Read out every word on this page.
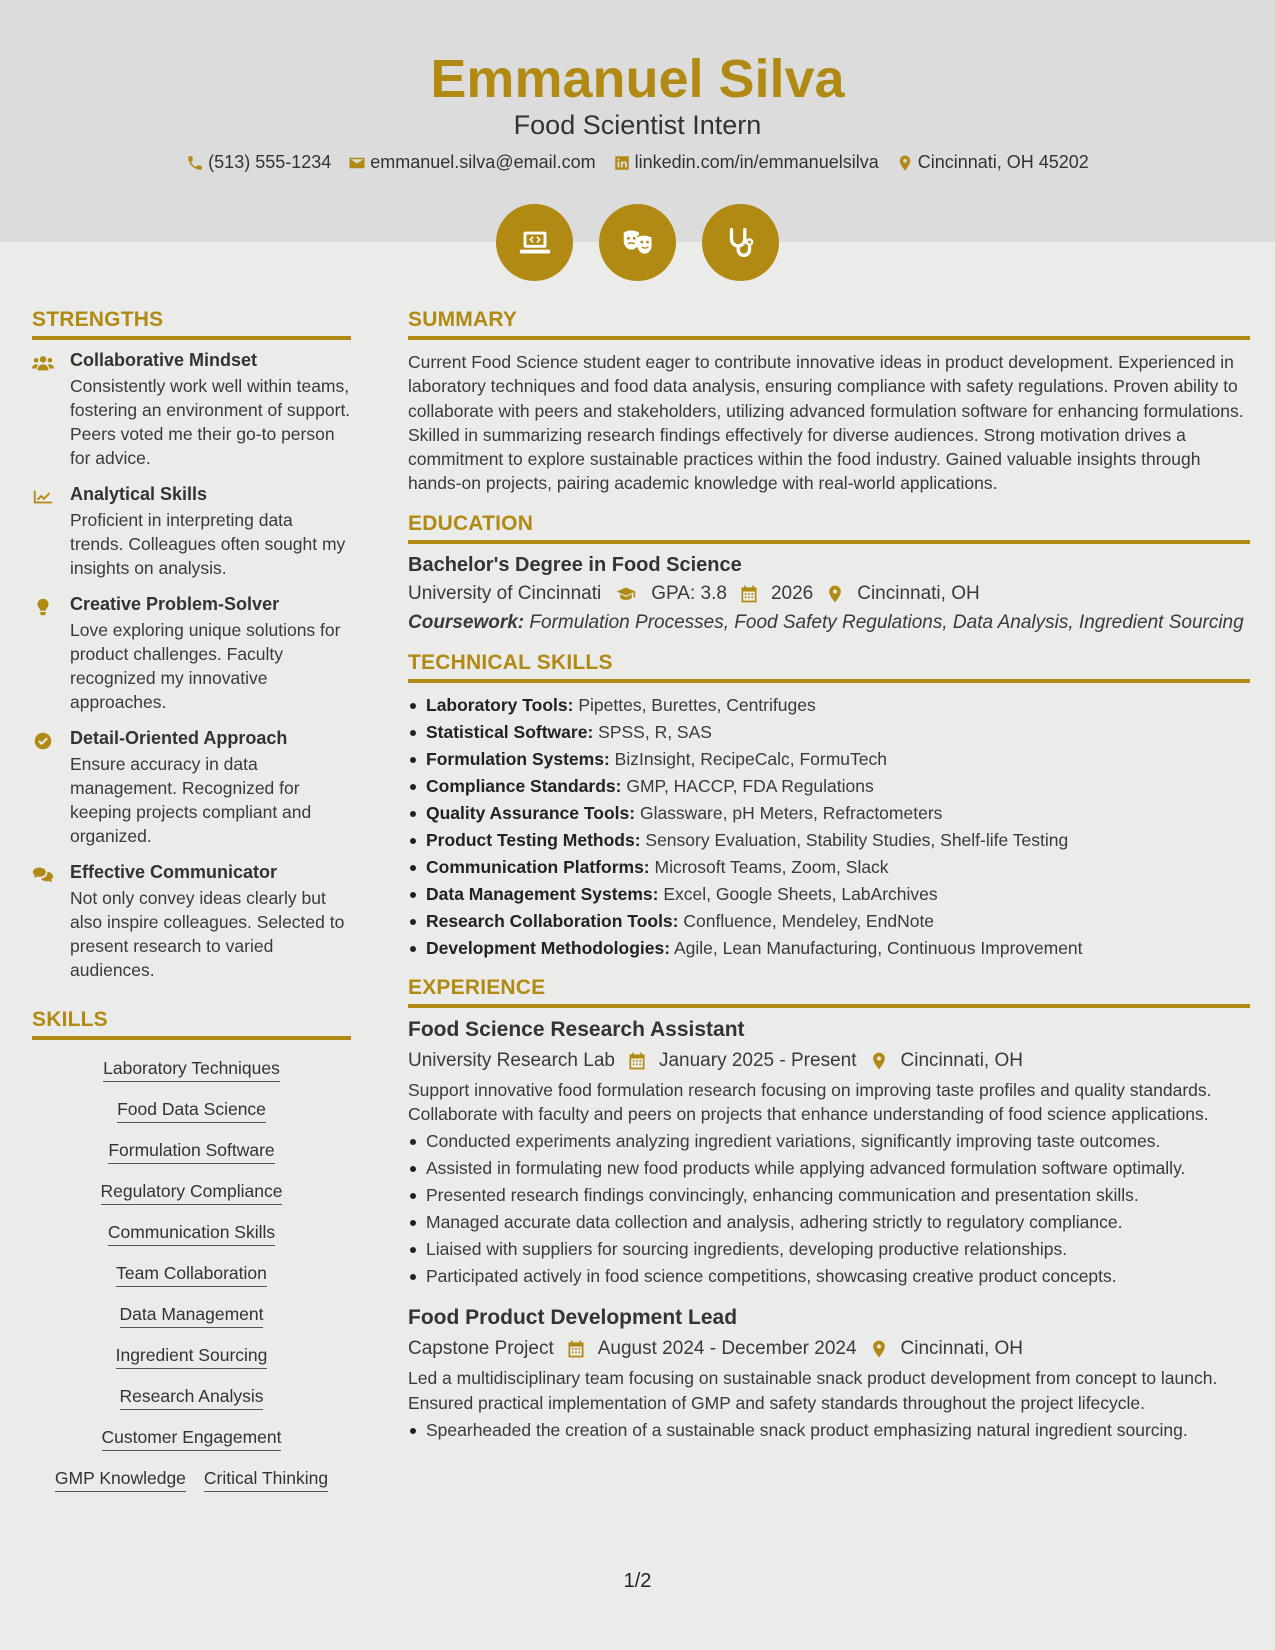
Emmanuel Silva
Food Scientist Intern
(513) 555-1234 emmanuel.silva@email.com linkedin.com/in/emmanuelsilva Cincinnati, OH 45202
STRENGTHS
Collaborative Mindset

Consistently work well within teams, fostering an environment of support. Peers voted me their go-to person for advice.

Analytical Skills

Proficient in interpreting data trends. Colleagues often sought my insights on analysis.

Creative Problem-Solver

Love exploring unique solutions for product challenges. Faculty recognized my innovative approaches.

Detail-Oriented Approach

Ensure accuracy in data management. Recognized for keeping projects compliant and organized.

Effective Communicator

Not only convey ideas clearly but also inspire colleagues. Selected to present research to varied audiences.

SKILLS
Laboratory Techniques
Food Data Science
Formulation Software
Regulatory Compliance
Communication Skills
Team Collaboration
Data Management
Ingredient Sourcing
Research Analysis
Customer Engagement
GMP Knowledge Critical Thinking
SUMMARY

Current Food Science student eager to contribute innovative ideas in product development. Experienced in laboratory techniques and food data analysis, ensuring compliance with safety regulations. Proven ability to collaborate with peers and stakeholders, utilizing advanced formulation software for enhancing formulations. Skilled in summarizing research findings effectively for diverse audiences. Strong motivation drives a commitment to explore sustainable practices within the food industry. Gained valuable insights through hands-on projects, pairing academic knowledge with real-world applications.

EDUCATION
Bachelor's Degree in Food Science
University of Cincinnati	GPA: 3.8 2026 Cincinnati, OH

Coursework: Formulation Processes, Food Safety Regulations, Data Analysis, Ingredient Sourcing

TECHNICAL SKILLS
Laboratory Tools: Pipettes, Burettes, Centrifuges
Statistical Software: SPSS, R, SAS
Formulation Systems: BizInsight, RecipeCalc, FormuTech
Compliance Standards: GMP, HACCP, FDA Regulations
Quality Assurance Tools: Glassware, pH Meters, Refractometers
Product Testing Methods: Sensory Evaluation, Stability Studies, Shelf-life Testing
Communication Platforms: Microsoft Teams, Zoom, Slack
Data Management Systems: Excel, Google Sheets, LabArchives
Research Collaboration Tools: Confluence, Mendeley, EndNote
Development Methodologies: Agile, Lean Manufacturing, Continuous Improvement
EXPERIENCE
Food Science Research Assistant
University Research Lab January 2025 - Present Cincinnati, OH

Support innovative food formulation research focusing on improving taste profiles and quality standards. Collaborate with faculty and peers on projects that enhance understanding of food science applications.

Conducted experiments analyzing ingredient variations, significantly improving taste outcomes.
Assisted in formulating new food products while applying advanced formulation software optimally.
Presented research findings convincingly, enhancing communication and presentation skills.
Managed accurate data collection and analysis, adhering strictly to regulatory compliance.
Liaised with suppliers for sourcing ingredients, developing productive relationships.
Participated actively in food science competitions, showcasing creative product concepts.
Food Product Development Lead
Capstone Project August 2024 - December 2024 Cincinnati, OH

Led a multidisciplinary team focusing on sustainable snack product development from concept to launch. Ensured practical implementation of GMP and safety standards throughout the project lifecycle.

Spearheaded the creation of a sustainable snack product emphasizing natural ingredient sourcing.
1/2
